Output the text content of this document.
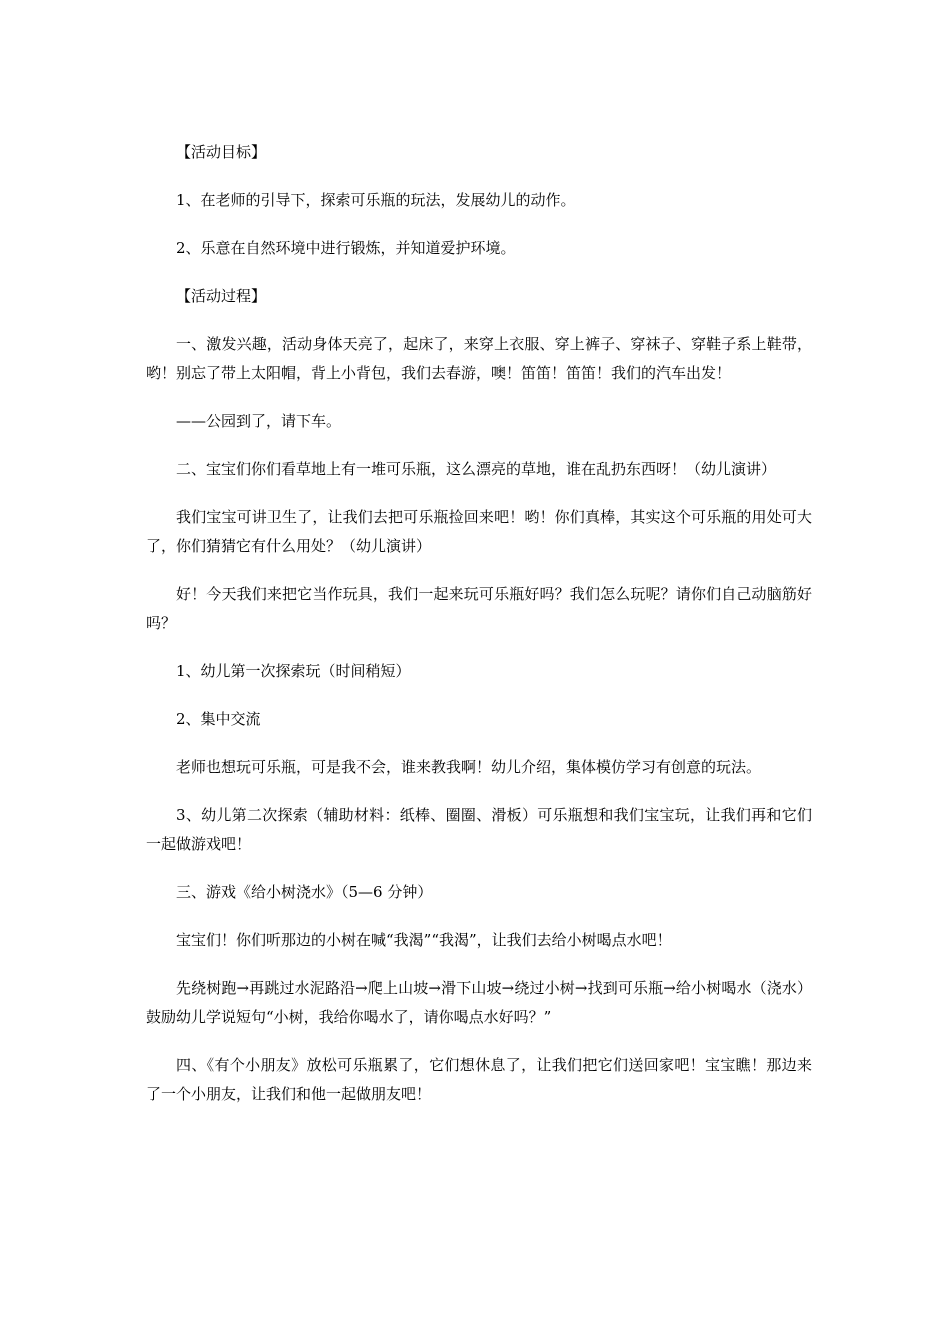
【活动目标】

1、在老师的引导下，探索可乐瓶的玩法，发展幼儿的动作。

2、乐意在自然环境中进行锻炼，并知道爱护环境。

【活动过程】

一、激发兴趣，活动身体天亮了，起床了，来穿上衣服、穿上裤子、穿袜子、穿鞋子系上鞋带，哟！别忘了带上太阳帽，背上小背包，我们去春游，噢！笛笛！笛笛！我们的汽车出发！

——公园到了，请下车。

二、宝宝们你们看草地上有一堆可乐瓶，这么漂亮的草地，谁在乱扔东西呀！（幼儿演讲）

我们宝宝可讲卫生了，让我们去把可乐瓶捡回来吧！哟！你们真棒，其实这个可乐瓶的用处可大了，你们猜猜它有什么用处？（幼儿演讲）

好！今天我们来把它当作玩具，我们一起来玩可乐瓶好吗？我们怎么玩呢？请你们自己动脑筋好吗？

1、幼儿第一次探索玩（时间稍短）

2、集中交流

老师也想玩可乐瓶，可是我不会，谁来教我啊！幼儿介绍，集体模仿学习有创意的玩法。

3、幼儿第二次探索（辅助材料：纸棒、圈圈、滑板）可乐瓶想和我们宝宝玩，让我们再和它们一起做游戏吧！

三、游戏《给小树浇水》（5—6 分钟）

宝宝们！你们听那边的小树在喊“我渴”“我渴”，让我们去给小树喝点水吧！

先绕树跑→再跳过水泥路沿→爬上山坡→滑下山坡→绕过小树→找到可乐瓶→给小树喝水（浇水）鼓励幼儿学说短句“小树，我给你喝水了，请你喝点水好吗？”

四、《有个小朋友》放松可乐瓶累了，它们想休息了，让我们把它们送回家吧！宝宝瞧！那边来了一个小朋友，让我们和他一起做朋友吧！
